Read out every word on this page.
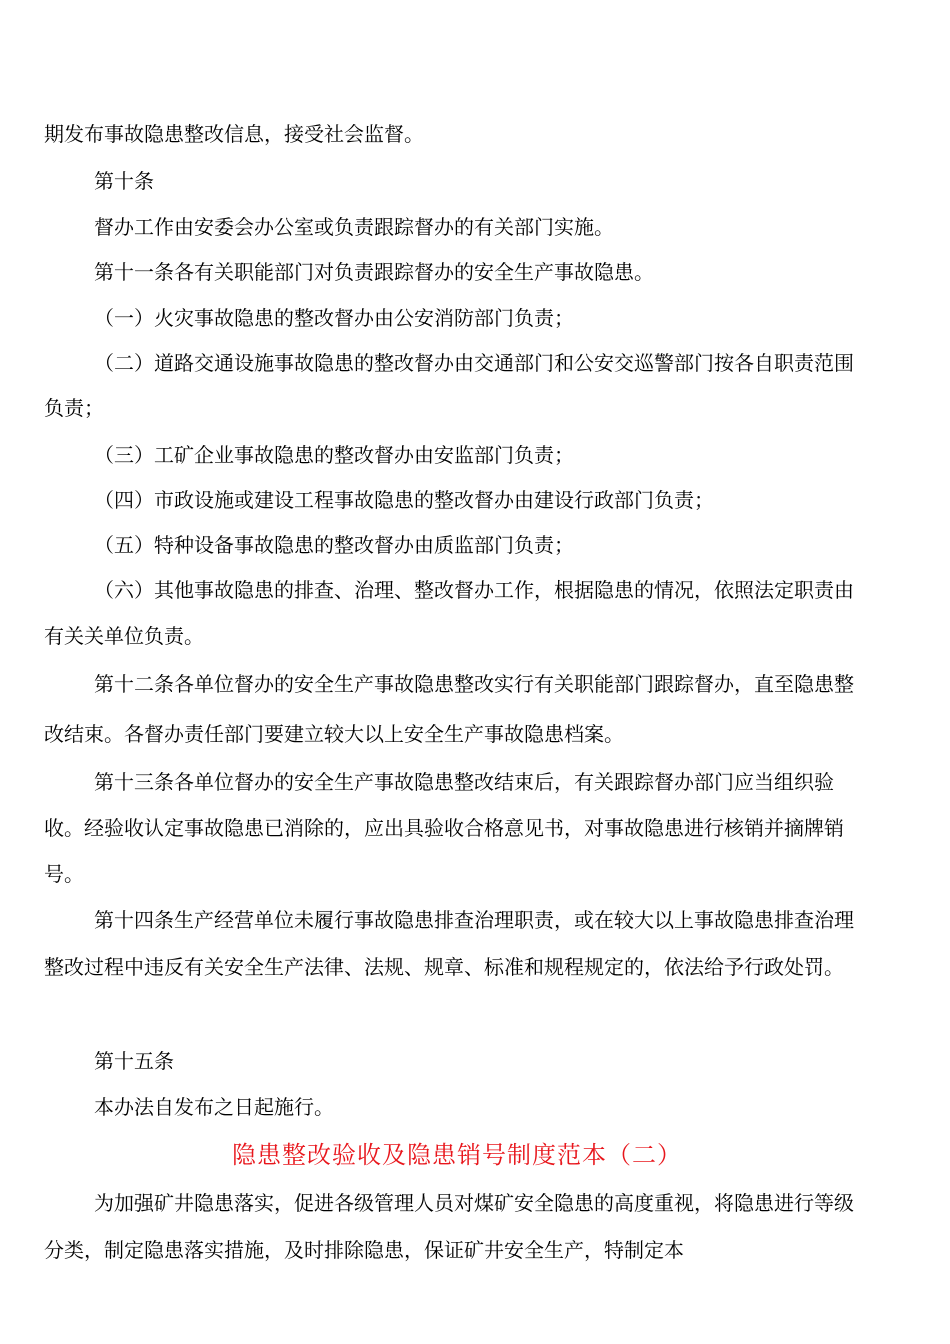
期发布事故隐患整改信息，接受社会监督。
第十条
督办工作由安委会办公室或负责跟踪督办的有关部门实施。
第十一条各有关职能部门对负责跟踪督办的安全生产事故隐患。
（一）火灾事故隐患的整改督办由公安消防部门负责；
（二）道路交通设施事故隐患的整改督办由交通部门和公安交巡警部门按各自职责范围
负责；
（三）工矿企业事故隐患的整改督办由安监部门负责；
（四）市政设施或建设工程事故隐患的整改督办由建设行政部门负责；
（五）特种设备事故隐患的整改督办由质监部门负责；
（六）其他事故隐患的排查、治理、整改督办工作，根据隐患的情况，依照法定职责由
有关关单位负责。
第十二条各单位督办的安全生产事故隐患整改实行有关职能部门跟踪督办，直至隐患整
改结束。各督办责任部门要建立较大以上安全生产事故隐患档案。
第十三条各单位督办的安全生产事故隐患整改结束后，有关跟踪督办部门应当组织验
收。经验收认定事故隐患已消除的，应出具验收合格意见书，对事故隐患进行核销并摘牌销
号。
第十四条生产经营单位未履行事故隐患排查治理职责，或在较大以上事故隐患排查治理
整改过程中违反有关安全生产法律、法规、规章、标准和规程规定的，依法给予行政处罚。
第十五条
本办法自发布之日起施行。
隐患整改验收及隐患销号制度范本（二）
为加强矿井隐患落实，促进各级管理人员对煤矿安全隐患的高度重视，将隐患进行等级
分类，制定隐患落实措施，及时排除隐患，保证矿井安全生产，特制定本
